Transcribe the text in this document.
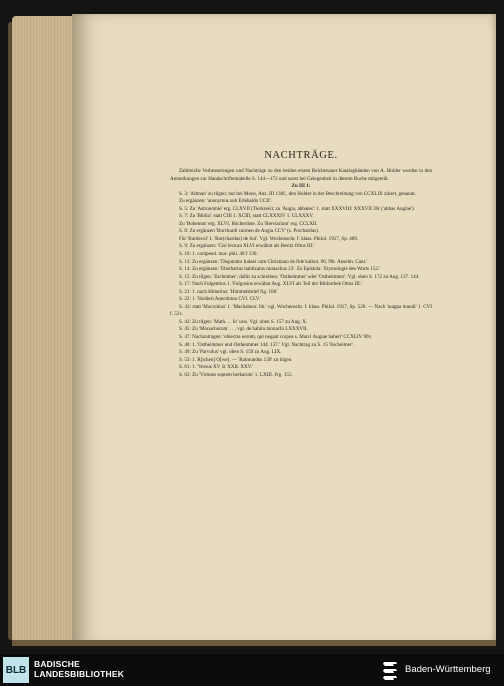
NACHTRÄGE.

Zahlreiche Verbesserungen und Nachträge zu den beiden ersten Reichenauer Katalogbänden von A. Holder wurden in den Anmerkungen zur Handschriftentabelle S. 144—172 und sonst bei Gelegenheit in diesem Buche mitgeteilt.

Zu III 1:

S. 3: 'Altman' zu tilgen; nur bei Mone, Anz. III 136f., den Holder in der Beschreibung von CCXLIX zitiert, genannt.

Zu ergänzen: 'anonymus sub Erlebaldo CCII'.

S. 5: Zu 'Astronomie' erg. CLXVII (Tierkreis); zu 'Augia, abbates': 1. statt XXXVIII: XXXVII 39r ('abbas Augiae').

S. 7: Zu 'Biblia': statt CIII 1. XCIII, statt CLXXXIV 1. CLXXXV.

Zu 'Bohemus' erg. XLVI, Bücherliste. Zu 'Breviarium' erg. CCLXII.

S. 8: Zu ergänzen 'Burchardi carmen de Augia CCV' (s. Purchardus).

Für 'Burdecol' 1. 'Bur(chardus) de Sol'. Vgl. Wochenschr. f. klass. Philol. 1917, Sp. 489.

S. 9: Zu ergänzen: 'Cisi lectura XLVI erwähnt als Besitz Ottos III.'

S. 10: 1. compend. mor. phil. 48 f 130.

S. 13: Zu ergänzen: 'Disputatio Iudaei cum Christiano de fide kathol. 90, 99r. Anselm. Cant.'

S. 14: Zu ergänzen: 'Eberhartus babtizatus monachus 23'. Zu Epistola: 'Etymologie des Worts 152.'

S. 15: Zu tilgen: 'Escheimer', dafür zu schreiben: 'Ostheimmer' oder 'Ostheimmer'. Vgl. oben S. 172 zu Aug. 137. 144.

S. 17: Nach Fulgentius 1. 'Fulgosius erwähnt Aug. XLVI als Teil der Bibliothek Ottos III.'

S. 21: 1. nach Himerius: 'Himmelsbrief fig. 108.'

S. 22: 1. 'Holderi Anecdoton CVI. CLV.'

S. 42: statt 'Macrobius' 1. 'Machabeor. lib.' vgl. Wochenschr. f. klass. Philol. 1917, Sp. 526. — Nach 'mappa mundi' 1. CVI f. 52v.

S. 43: Zu tilgen: 'Math. . . Io' usw. Vgl. oben S. 157 zu Aug. X.

S. 45: Zu 'Monachorum' . . . vgl. de habitu monachi LXXXVII.

S. 47: Nachzutragen: 'obiectio eorum, qui negant corpus s. Marci Augiae haberi' CCXLIV 90v.

S. 48: 1. 'Ostheimmer und Ostheimmer 144. 137.' Vgl. Nachtrag zu S. 15 'Escheimer'.

S. 49: Zu 'Parvulus' vgl. oben S. 159 zu Aug. LIX.

S. 53: 1. R[ichen] O[we]. — 'Raimundus 139' zu tilgen.

S. 61: 1. 'Versus XV 5r XXII. XXV.'

S. 62: Zu 'Virtutes septem herbarum' 1. LXIII. Frg. 155.

BLB
BADISCHE
LANDESBIBLIOTHEK	Baden-Württemberg
